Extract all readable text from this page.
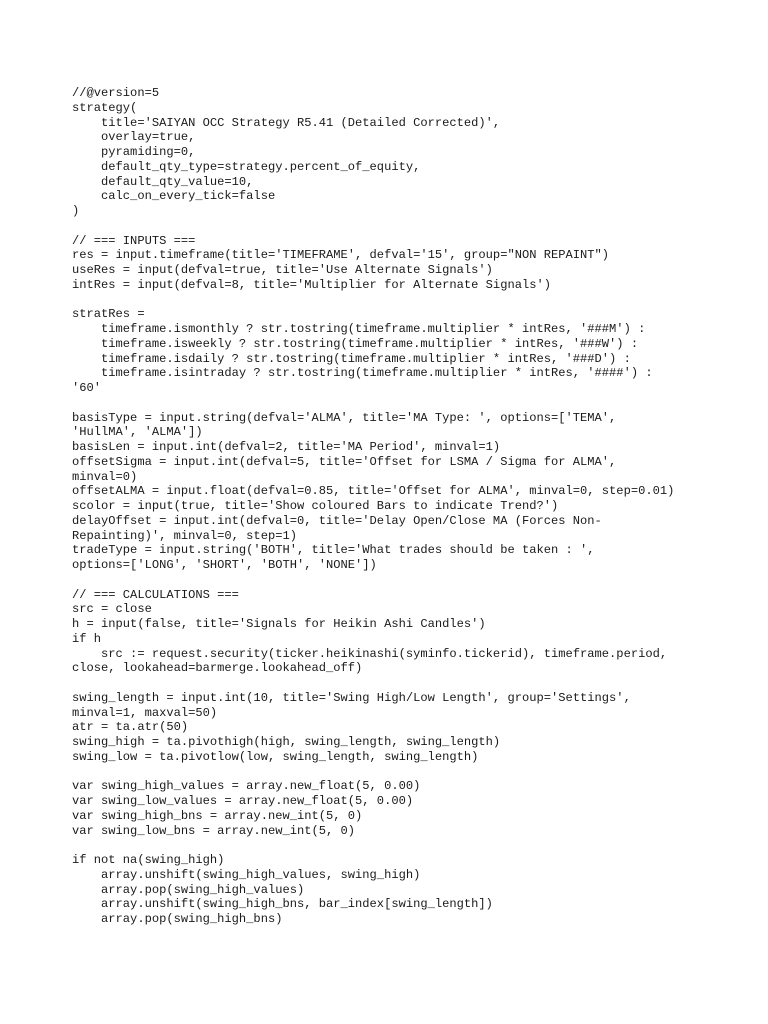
//@version=5
strategy(
title='SAIYAN OCC Strategy R5.41 (Detailed Corrected)',
overlay=true,
pyramiding=0,
default_qty_type=strategy.percent_of_equity,
default_qty_value=10,
calc_on_every_tick=false
)
// === INPUTS ===
res = input.timeframe(title='TIMEFRAME', defval='15', group="NON REPAINT")
useRes = input(defval=true, title='Use Alternate Signals')
intRes = input(defval=8, title='Multiplier for Alternate Signals')
stratRes =
timeframe.ismonthly ? str.tostring(timeframe.multiplier * intRes, '###M') :
timeframe.isweekly ? str.tostring(timeframe.multiplier * intRes, '###W') :
timeframe.isdaily ? str.tostring(timeframe.multiplier * intRes, '###D') :
timeframe.isintraday ? str.tostring(timeframe.multiplier * intRes, '####') :
'60'
basisType = input.string(defval='ALMA', title='MA Type: ', options=['TEMA',
'HullMA', 'ALMA'])
basisLen = input.int(defval=2, title='MA Period', minval=1)
offsetSigma = input.int(defval=5, title='Offset for LSMA / Sigma for ALMA',
minval=0)
offsetALMA = input.float(defval=0.85, title='Offset for ALMA', minval=0, step=0.01)
scolor = input(true, title='Show coloured Bars to indicate Trend?')
delayOffset = input.int(defval=0, title='Delay Open/Close MA (Forces Non-
Repainting)', minval=0, step=1)
tradeType = input.string('BOTH', title='What trades should be taken : ',
options=['LONG', 'SHORT', 'BOTH', 'NONE'])
// === CALCULATIONS ===
src = close
h = input(false, title='Signals for Heikin Ashi Candles')
if h
src := request.security(ticker.heikinashi(syminfo.tickerid), timeframe.period,
close, lookahead=barmerge.lookahead_off)
swing_length = input.int(10, title='Swing High/Low Length', group='Settings',
minval=1, maxval=50)
atr = ta.atr(50)
swing_high = ta.pivothigh(high, swing_length, swing_length)
swing_low = ta.pivotlow(low, swing_length, swing_length)
var swing_high_values = array.new_float(5, 0.00)
var swing_low_values = array.new_float(5, 0.00)
var swing_high_bns = array.new_int(5, 0)
var swing_low_bns = array.new_int(5, 0)
if not na(swing_high)
array.unshift(swing_high_values, swing_high)
array.pop(swing_high_values)
array.unshift(swing_high_bns, bar_index[swing_length])
array.pop(swing_high_bns)
